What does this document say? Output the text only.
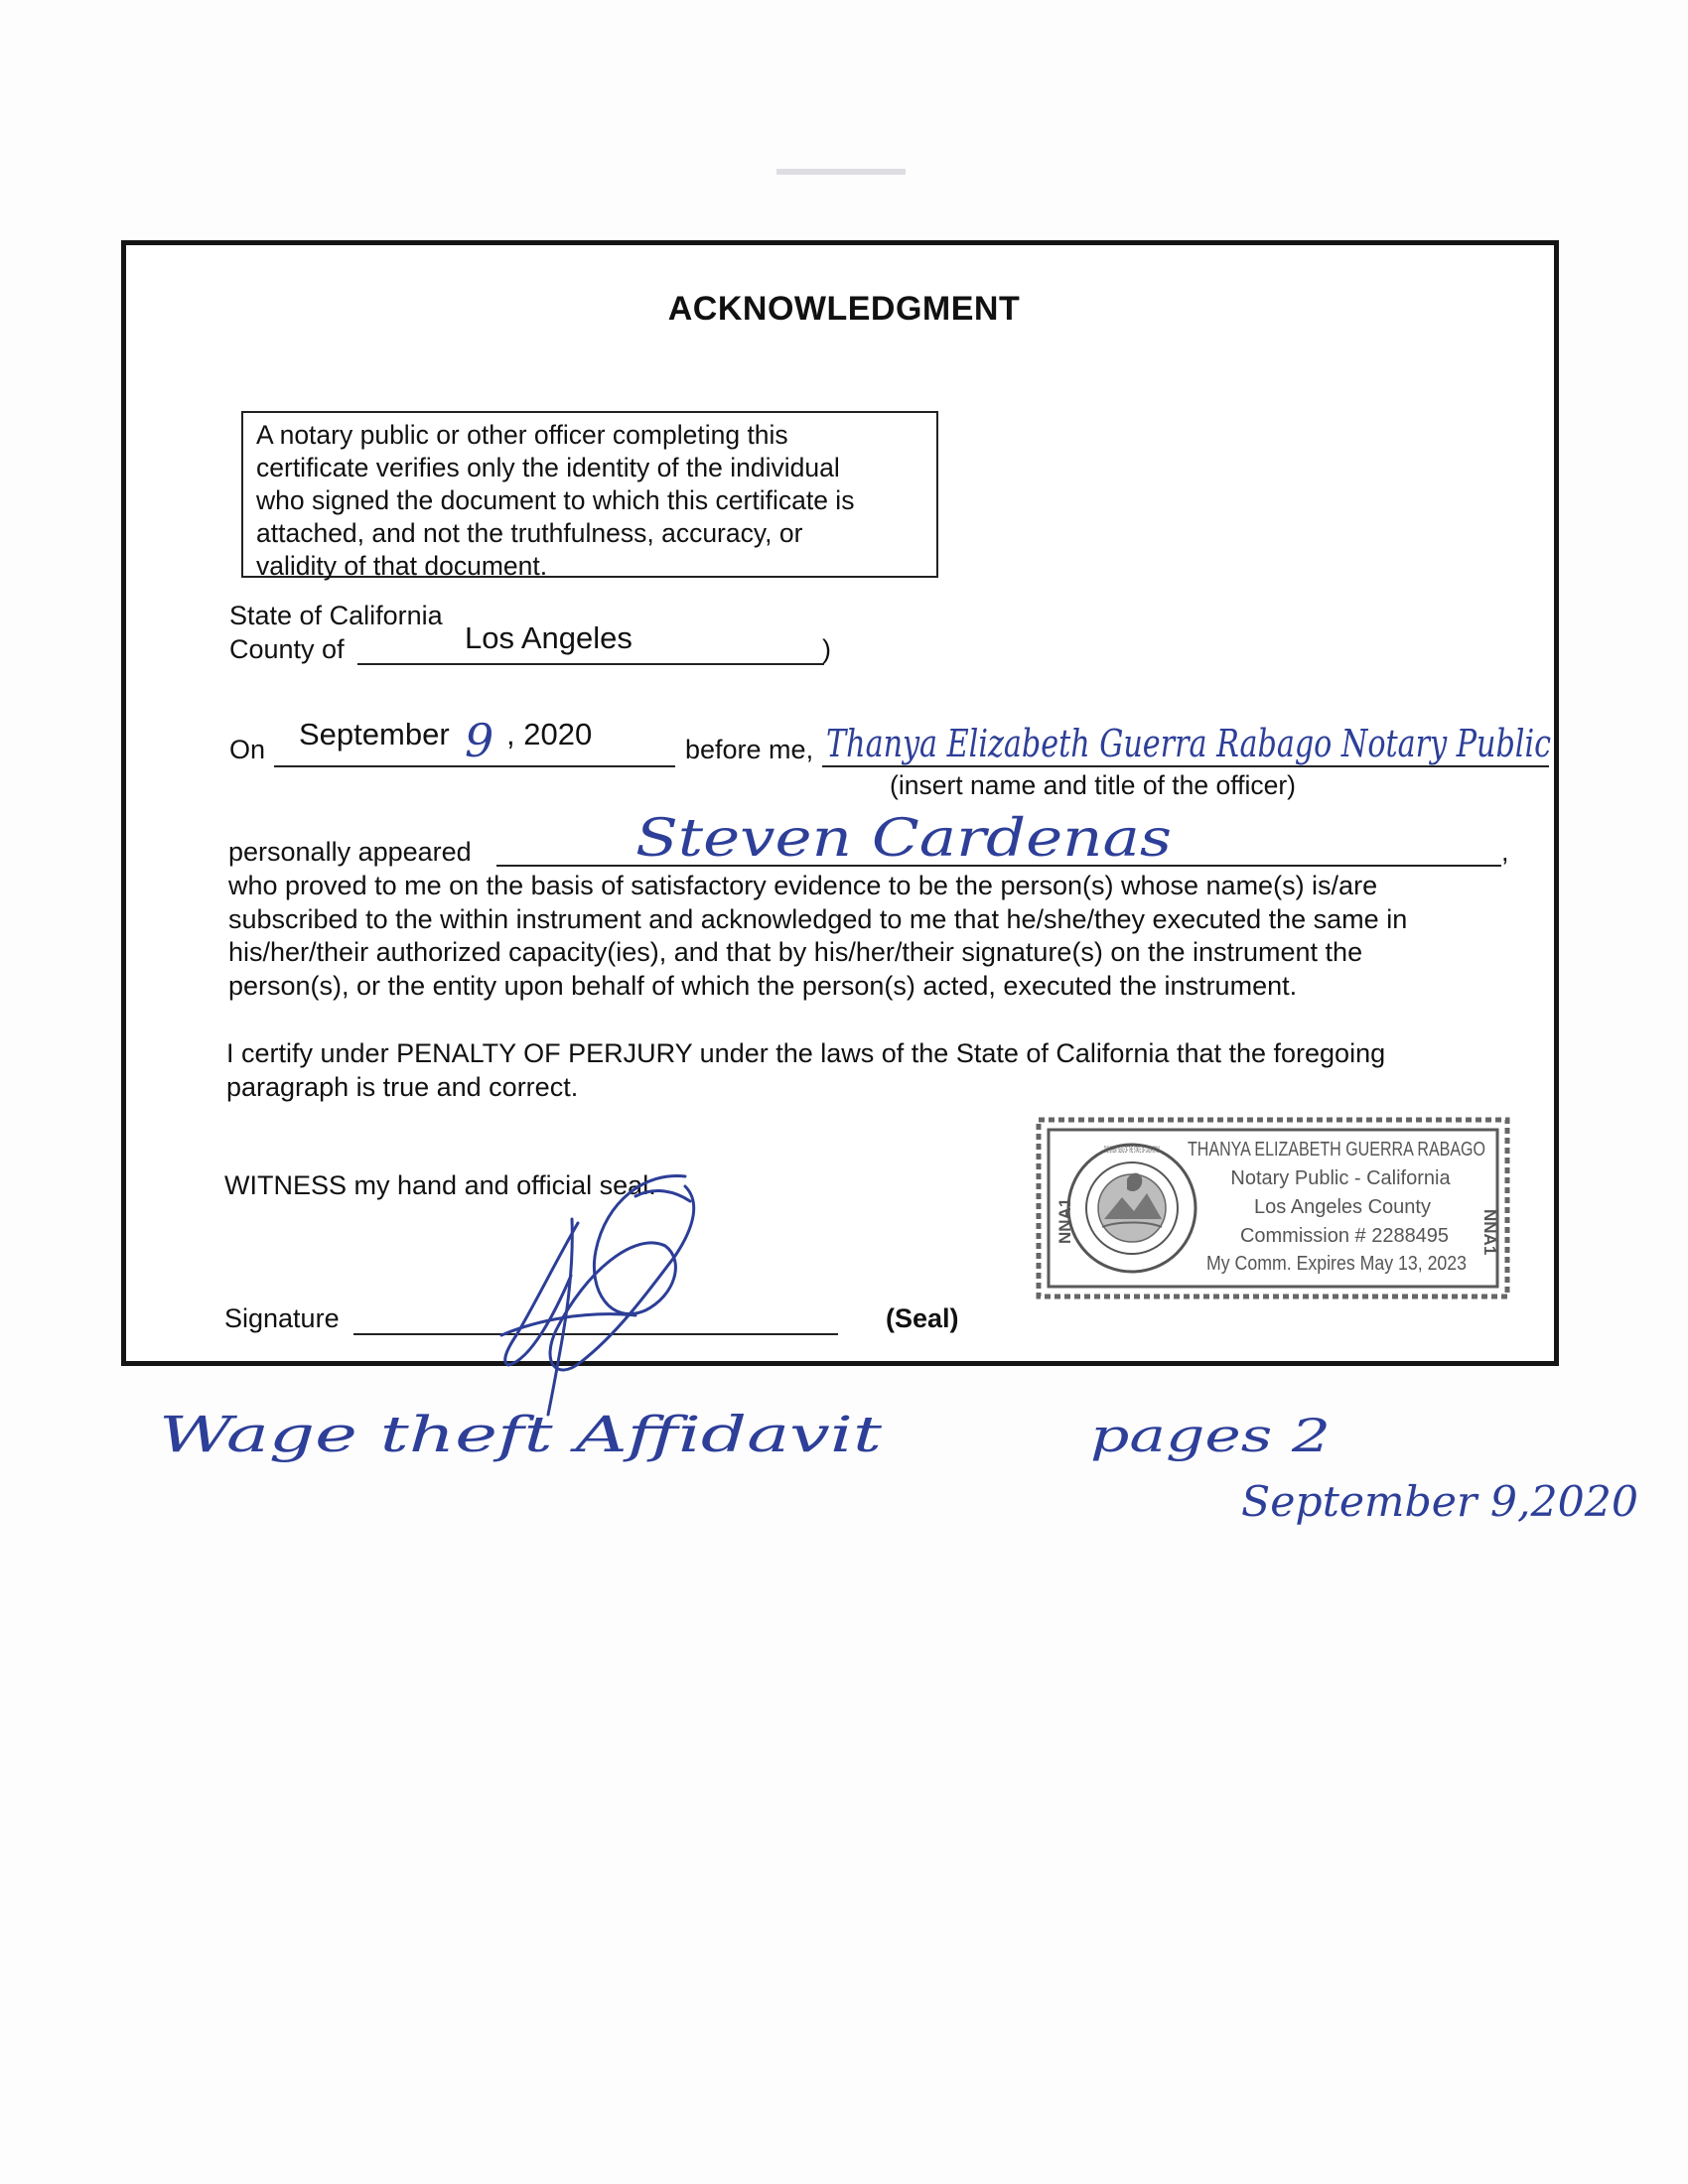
ACKNOWLEDGMENT
A notary public or other officer completing this
certificate verifies only the identity of the individual
who signed the document to which this certificate is
attached, and not the truthfulness, accuracy, or
validity of that document.
State of California
County of	Los Angeles	)
On September , 2020	before me,
(insert name and title of the officer)
personally appeared	,
who proved to me on the basis of satisfactory evidence to be the person(s) whose name(s) is/are
subscribed to the within instrument and acknowledged to me that he/she/they executed the same in
his/her/their authorized capacity(ies), and that by his/her/their signature(s) on the instrument the
person(s), or the entity upon behalf of which the person(s) acted, executed the instrument.
I certify under PENALTY OF PERJURY under the laws of the State of California that the foregoing
paragraph is true and correct.
WITNESS my hand and official seal.
Signature	(Seal)
9	Thanya Elizabeth Guerra Rabago Notary Public
Steven Cardenas
Wage theft Affidavit	pages 2
September 9,2020
NNA1	NNA1
THE GREAT SEAL OF THE STATE OF CALIFORNIA THANYA ELIZABETH GUERRA RABAGO
Notary Public - California
Los Angeles County
Commission # 2288495
My Comm. Expires May 13, 2023
